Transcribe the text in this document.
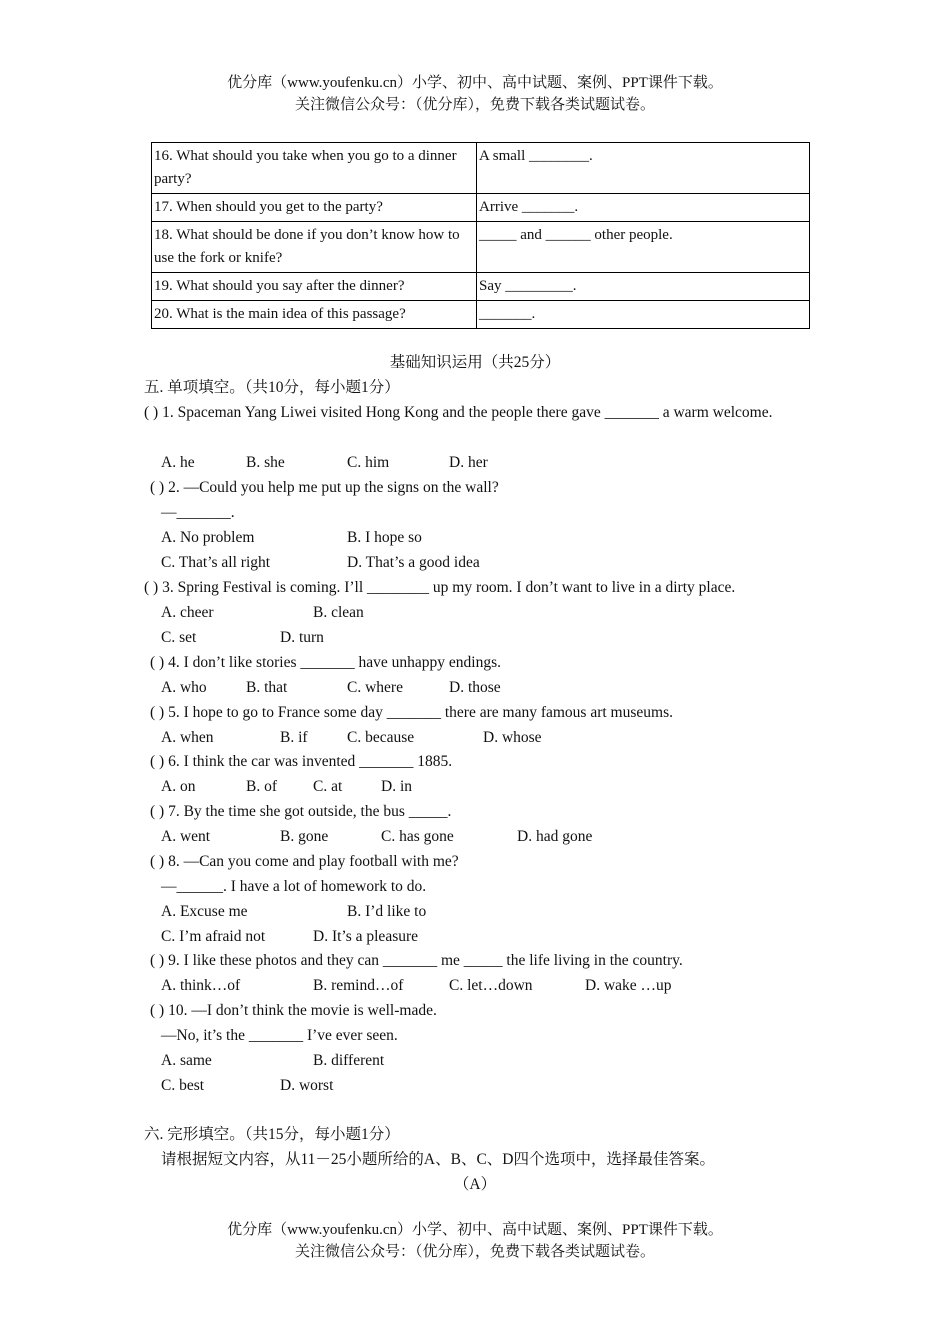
优分库（www.youfenku.cn）小学、初中、高中试题、案例、PPT课件下载。
关注微信公众号：（优分库），免费下载各类试题试卷。
16. What should you take when you go to a dinner party?	A small ________.
17. When should you get to the party?	Arrive _______.
18. What should be done if you don’t know how to use the fork or knife?	_____ and ______ other people.
19. What should you say after the dinner?	Say _________.
20. What is the main idea of this passage?	_______.
基础知识运用（共25分）
五. 单项填空。（共10分，每小题1分）
( ) 1. Spaceman Yang Liwei visited Hong Kong and the people there gave _______ a warm welcome.
A. he	B. she	C. him	D. her
( ) 2. —Could you help me put up the signs on the wall?
—_______.
A. No problem	B. I hope so
C. That’s all right	D. That’s a good idea
( ) 3. Spring Festival is coming. I’ll ________ up my room. I don’t want to live in a dirty place.
A. cheer	B. clean
C. set	D. turn
( ) 4. I don’t like stories _______ have unhappy endings.
A. who	B. that	C. where	D. those
( ) 5. I hope to go to France some day _______ there are many famous art museums.
A. when	B. if	C. because	D. whose
( ) 6. I think the car was invented _______ 1885.
A. on	B. of C. at D. in
( ) 7. By the time she got outside, the bus _____.
A. went	B. gone	C. has gone	D. had gone
( ) 8. —Can you come and play football with me?
—______. I have a lot of homework to do.
A. Excuse me	B. I’d like to
C. I’m afraid not	D. It’s a pleasure
( ) 9. I like these photos and they can _______ me _____ the life living in the country.
A. think…of	B. remind…of	C. let…down	D. wake …up
( ) 10. —I don’t think the movie is well-made.
—No, it’s the _______ I’ve ever seen.
A. same	B. different
C. best	D. worst
六. 完形填空。（共15分，每小题1分）
请根据短文内容，从11－25小题所给的A、B、C、D四个选项中，选择最佳答案。
（A）
优分库（www.youfenku.cn）小学、初中、高中试题、案例、PPT课件下载。
关注微信公众号：（优分库），免费下载各类试题试卷。
